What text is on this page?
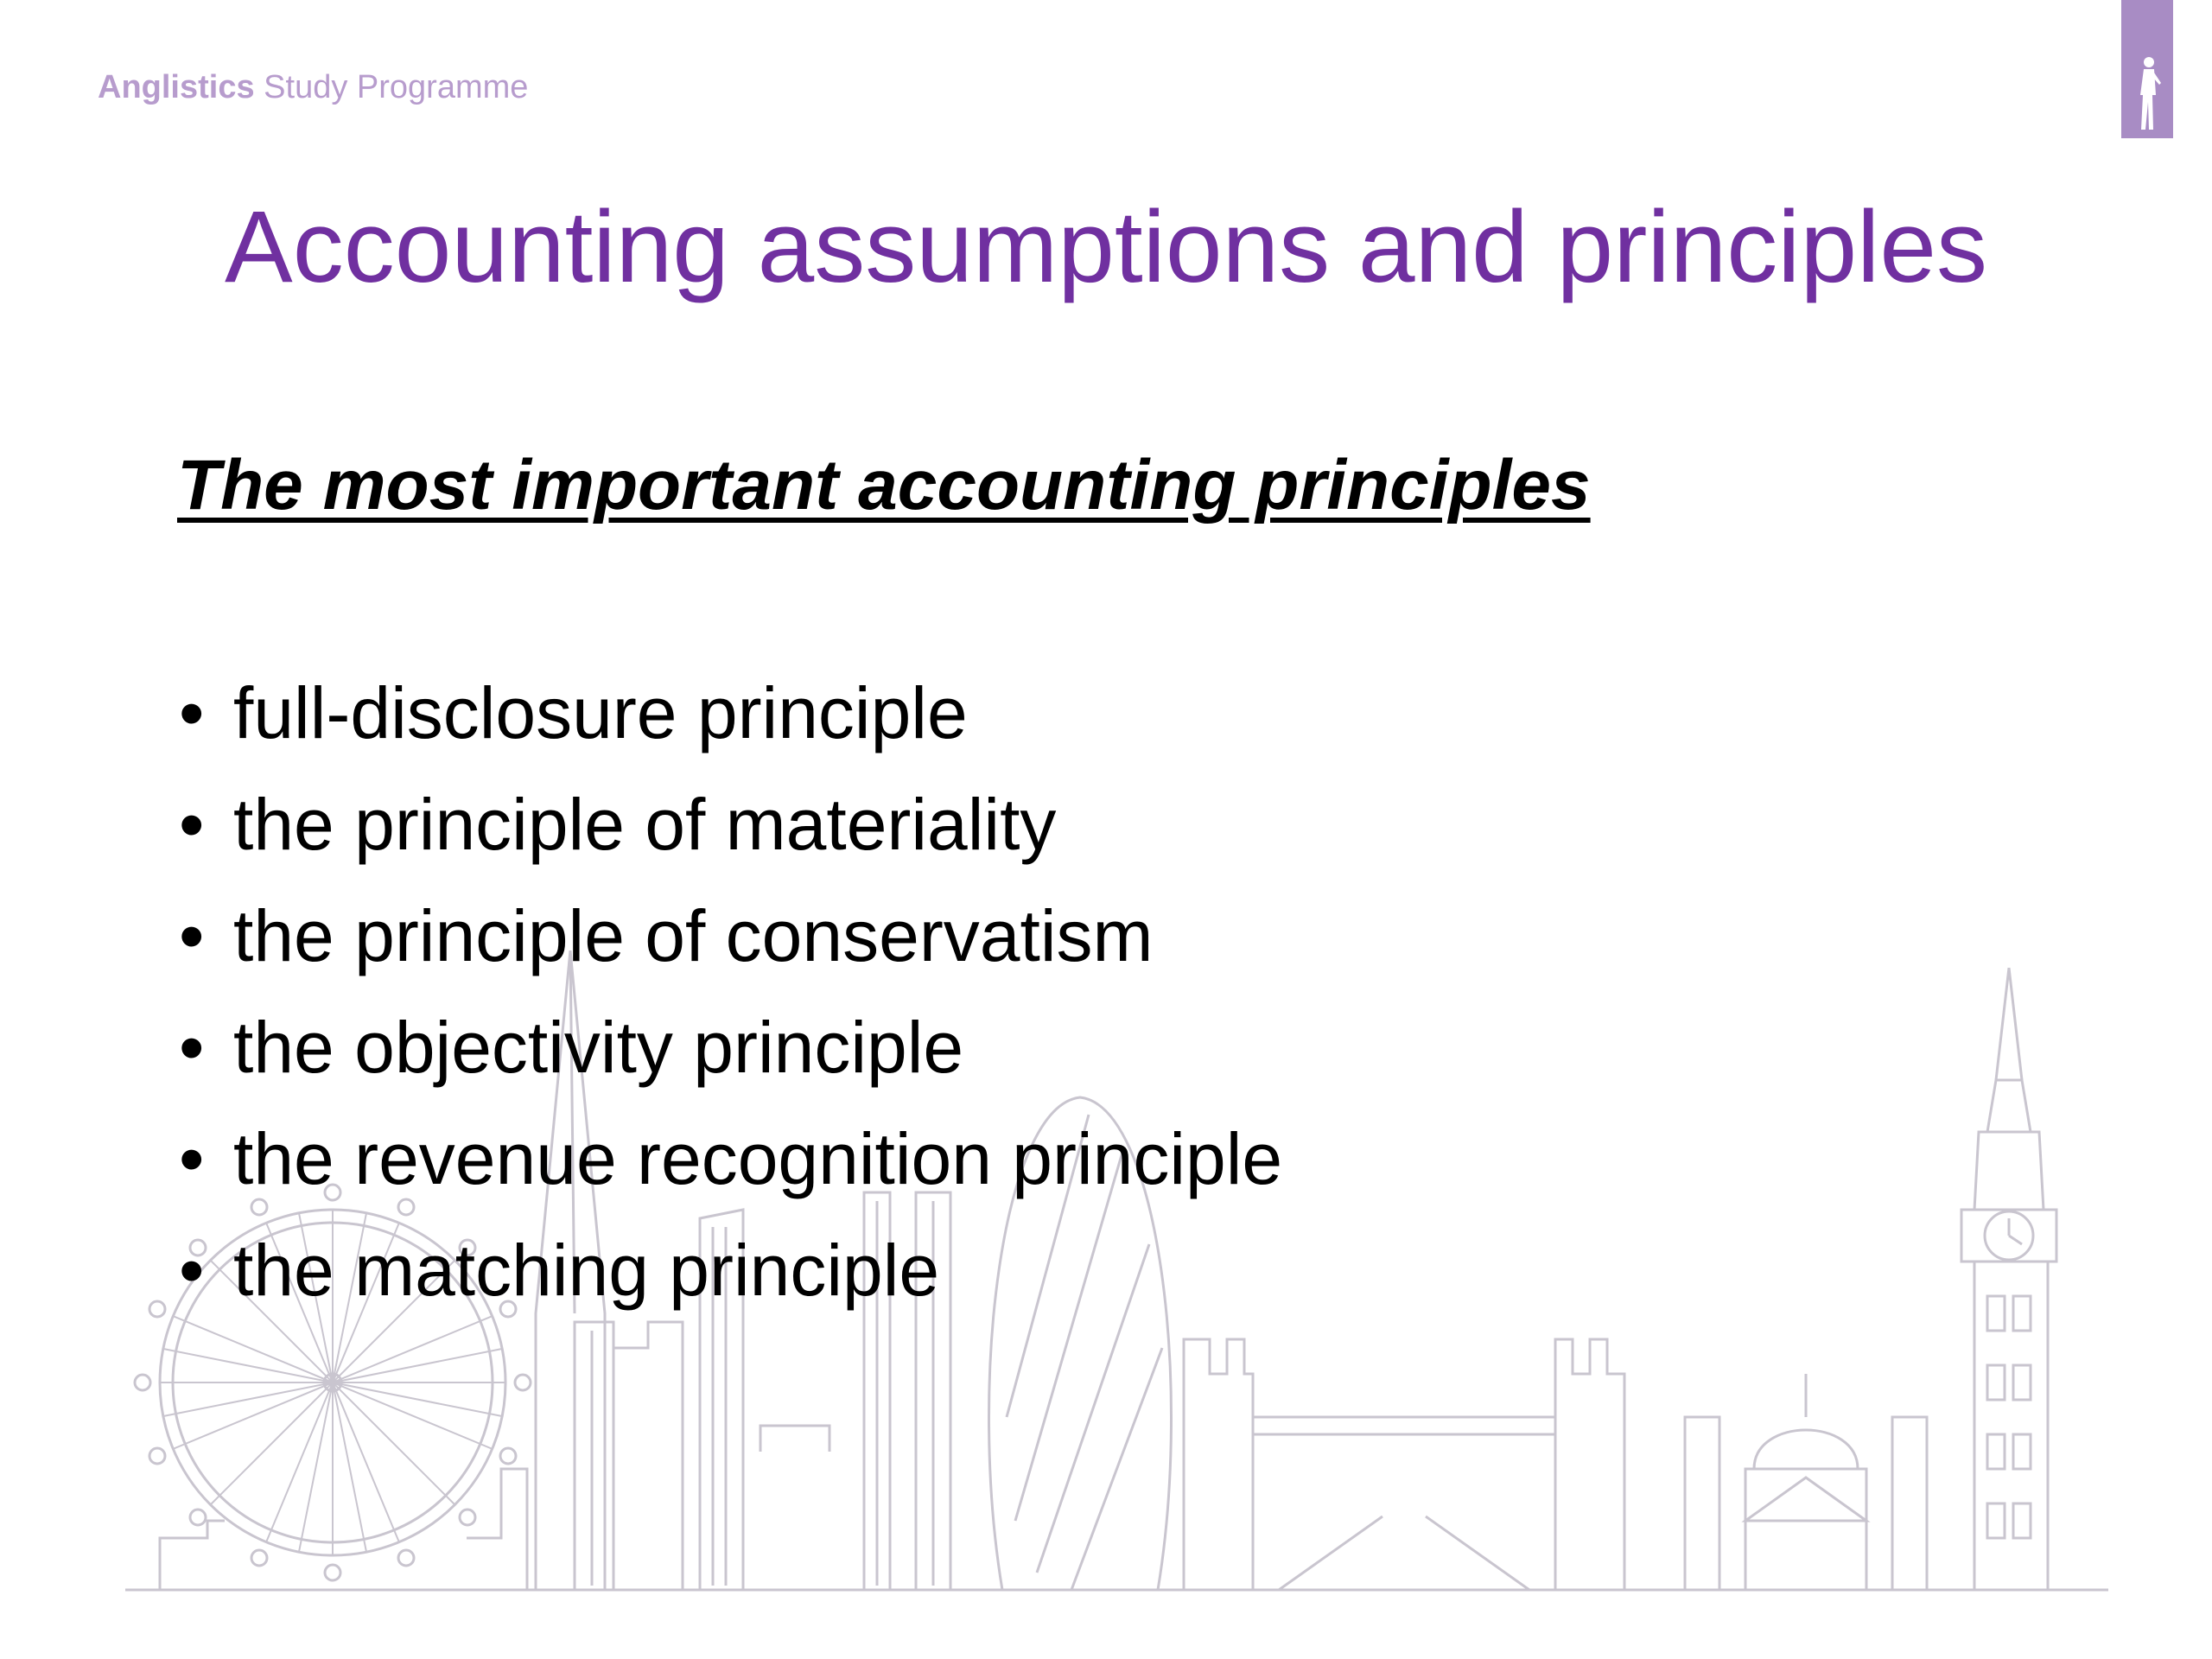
Anglistics Study Programme
Accounting assumptions and principles
The most important accounting principles
• full-disclosure principle
• the principle of materiality
• the principle of conservatism
• the objectivity principle
• the revenue recognition principle
• the matching principle
